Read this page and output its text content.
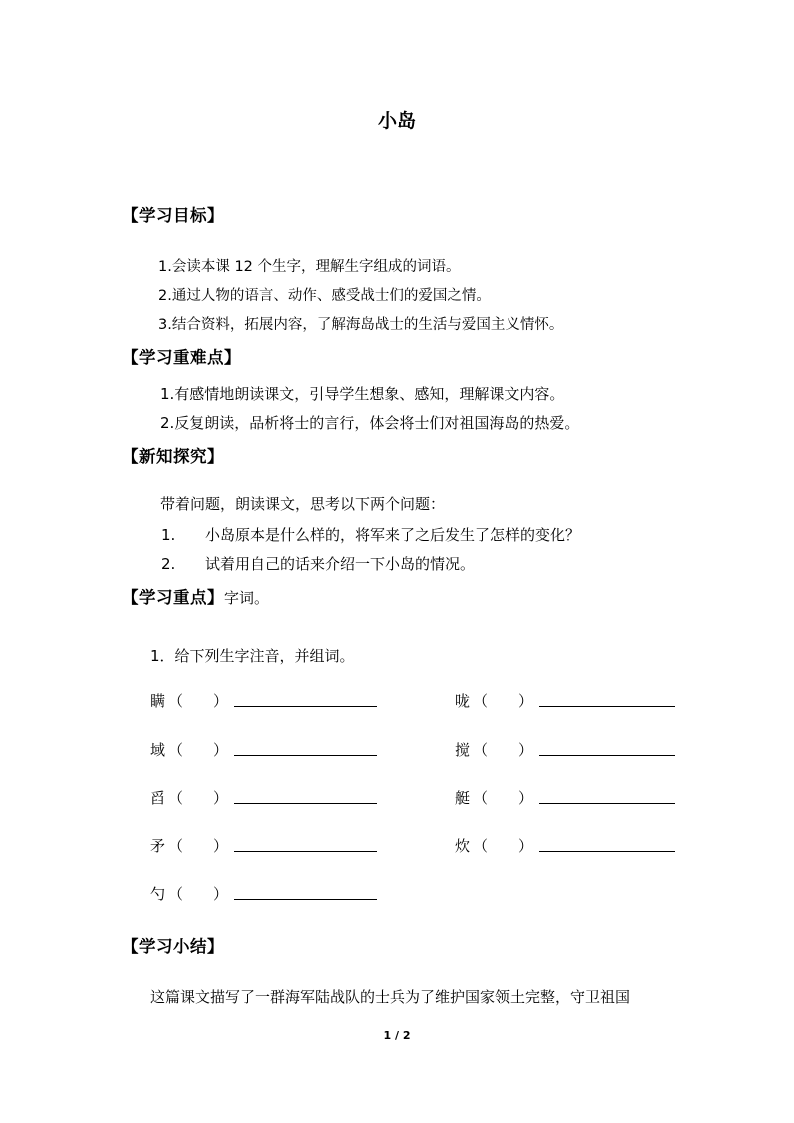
小岛
【学习目标】
1.会读本课 12 个生字，理解生字组成的词语。
2.通过人物的语言、动作、感受战士们的爱国之情。
3.结合资料，拓展内容，了解海岛战士的生活与爱国主义情怀。
【学习重难点】
1.有感情地朗读课文，引导学生想象、感知，理解课文内容。
2.反复朗读，品析将士的言行，体会将士们对祖国海岛的热爱。
【新知探究】
带着问题，朗读课文，思考以下两个问题：
1. 小岛原本是什么样的，将军来了之后发生了怎样的变化？
2. 试着用自己的话来介绍一下小岛的情况。
【学习重点】字词。
1．给下列生字注音，并组词。
瞒 （　　）	咙 （　　）
域 （　　）	搅 （　　）
舀 （　　）	艇 （　　）
矛 （　　）	炊 （　　）
勺 （　　）
【学习小结】
这篇课文描写了一群海军陆战队的士兵为了维护国家领土完整，守卫祖国
1 / 2
